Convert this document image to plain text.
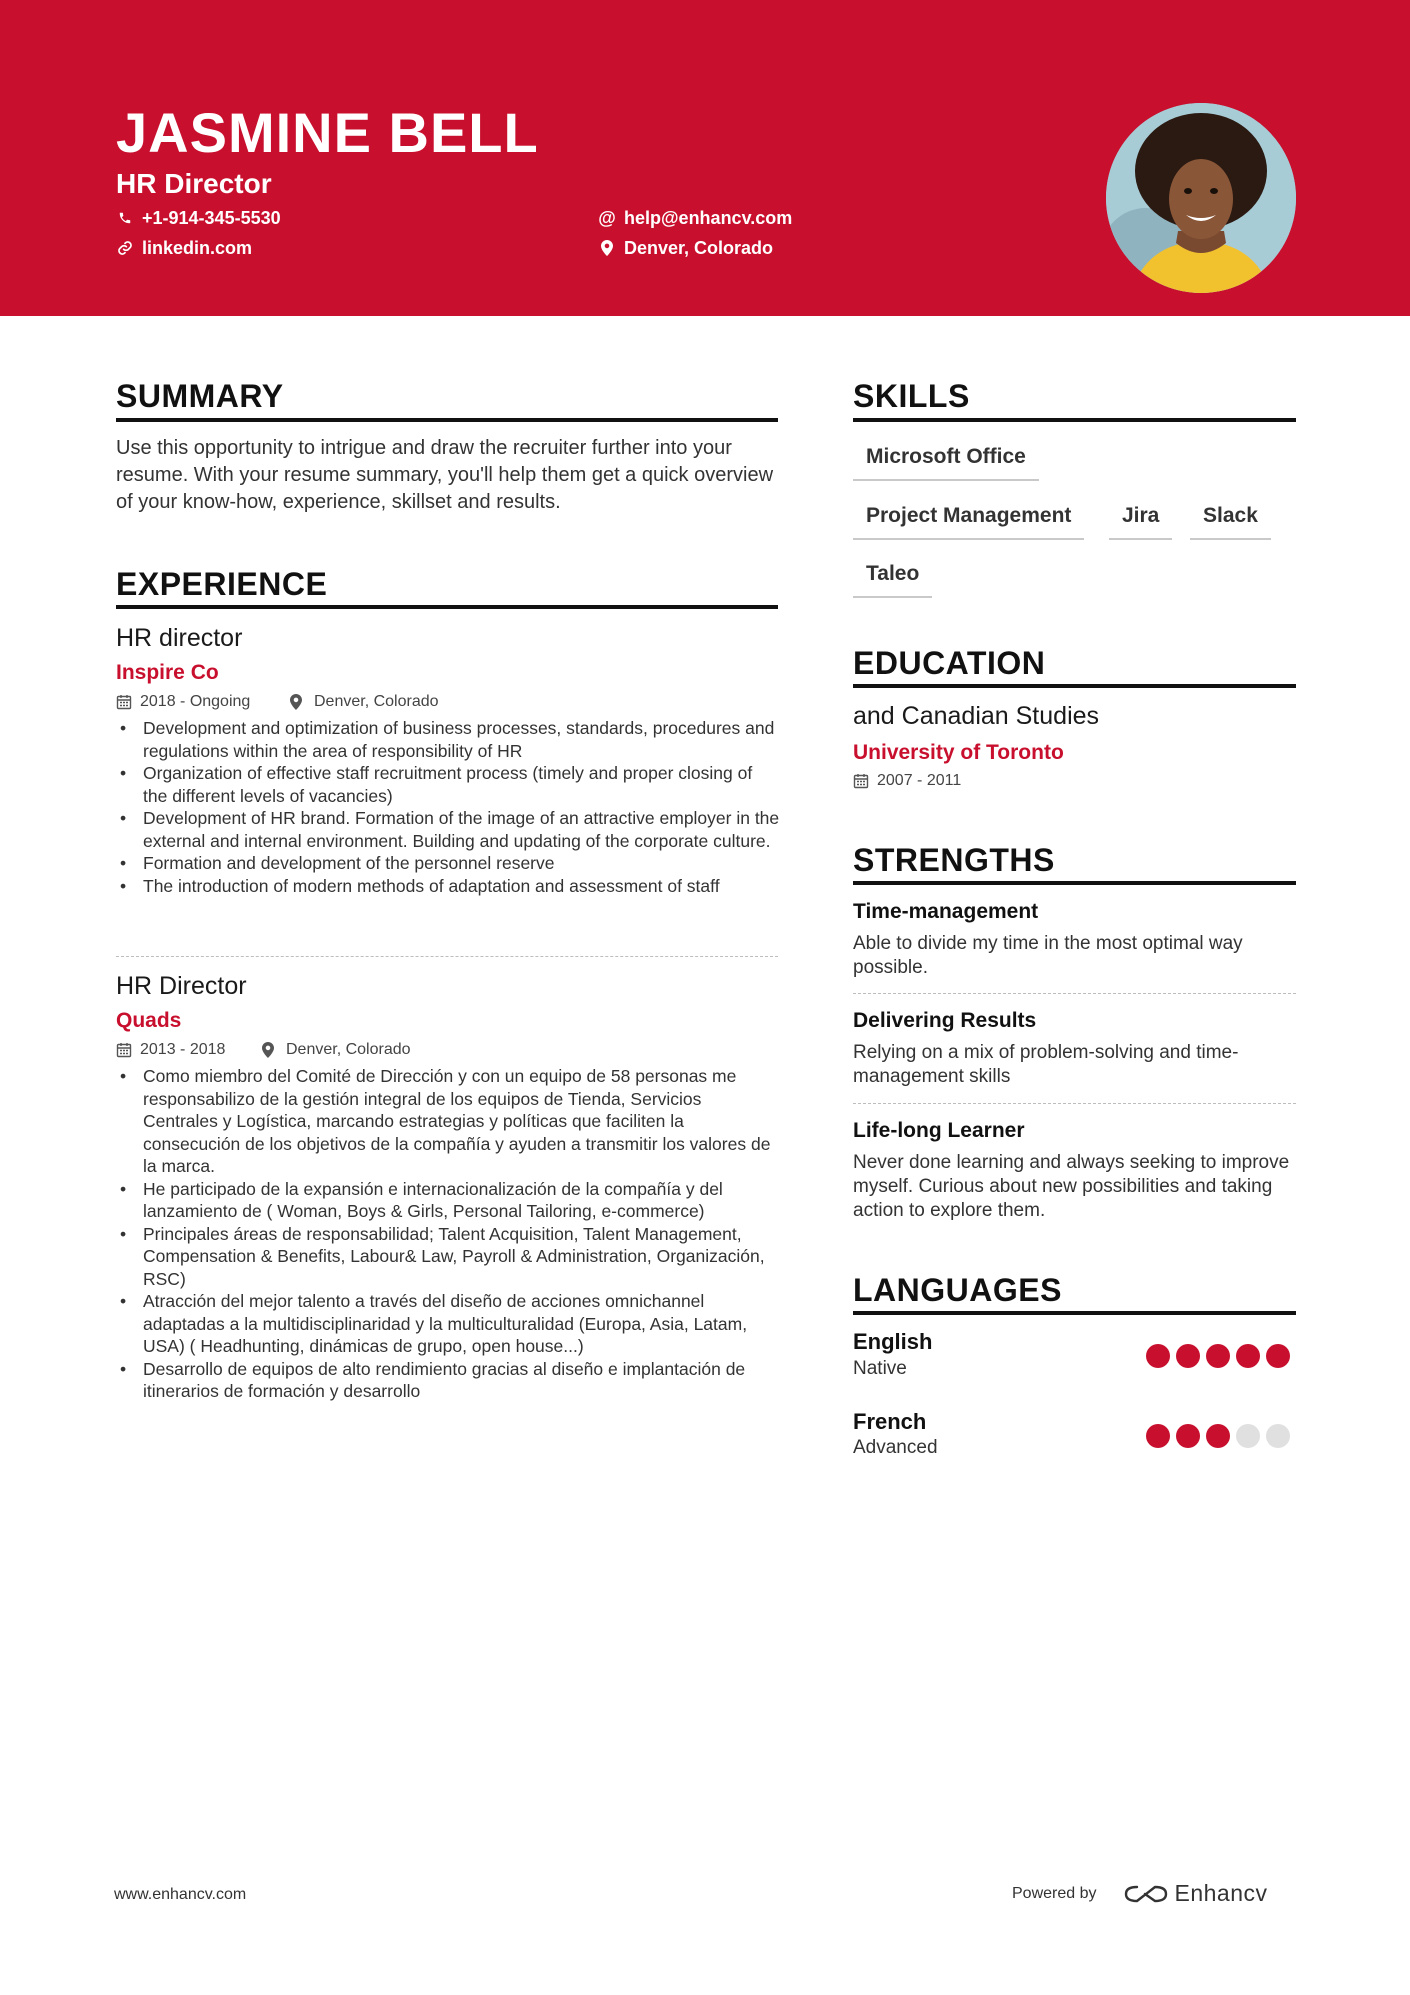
JASMINE BELL
HR Director
+1-914-345-5530
linkedin.com
@ help@enhancv.com
Denver, Colorado
SUMMARY
Use this opportunity to intrigue and draw the recruiter further into your resume. With your resume summary, you'll help them get a quick overview of your know-how, experience, skillset and results.
EXPERIENCE
HR director
Inspire Co
2018 - Ongoing	Denver, Colorado
• Development and optimization of business processes, standards, procedures and regulations within the area of responsibility of HR
• Organization of effective staff recruitment process (timely and proper closing of the different levels of vacancies)
• Development of HR brand. Formation of the image of an attractive employer in the external and internal environment. Building and updating of the corporate culture.
• Formation and development of the personnel reserve
• The introduction of modern methods of adaptation and assessment of staff
HR Director
Quads
2013 - 2018	Denver, Colorado
• Como miembro del Comité de Dirección y con un equipo de 58 personas me responsabilizo de la gestión integral de los equipos de Tienda, Servicios Centrales y Logística, marcando estrategias y políticas que faciliten la consecución de los objetivos de la compañía y ayuden a transmitir los valores de la marca.
• He participado de la expansión e internacionalización de la compañía y del lanzamiento de ( Woman, Boys & Girls, Personal Tailoring, e-commerce)
• Principales áreas de responsabilidad; Talent Acquisition, Talent Management, Compensation & Benefits, Labour& Law, Payroll & Administration, Organización, RSC)
• Atracción del mejor talento a través del diseño de acciones omnichannel adaptadas a la multidisciplinaridad y la multiculturalidad (Europa, Asia, Latam, USA) ( Headhunting, dinámicas de grupo, open house...)
• Desarrollo de equipos de alto rendimiento gracias al diseño e implantación de itinerarios de formación y desarrollo
SKILLS
Microsoft Office
Project Management	Jira	Slack
Taleo
EDUCATION
and Canadian Studies
University of Toronto
2007 - 2011
STRENGTHS
Time-management
Able to divide my time in the most optimal way possible.
Delivering Results
Relying on a mix of problem-solving and time-management skills
Life-long Learner
Never done learning and always seeking to improve myself. Curious about new possibilities and taking action to explore them.
LANGUAGES
English
Native
French
Advanced
www.enhancv.com	Powered by	Enhancv
